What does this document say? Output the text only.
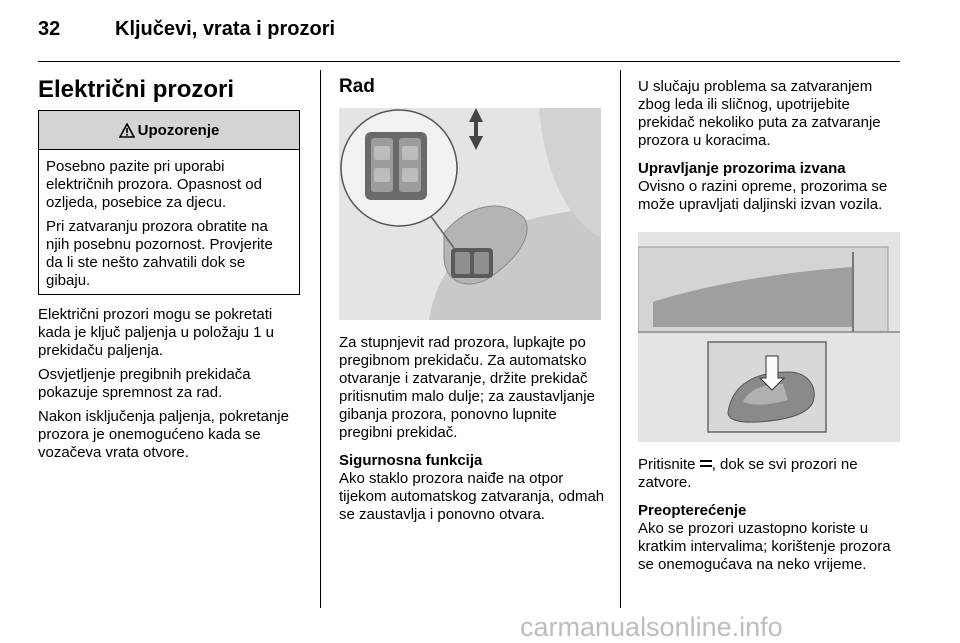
32	Ključevi, vrata i prozori
Električni prozori
Upozorenje

Posebno pazite pri uporabi električnih prozora. Opasnost od ozljeda, posebice za djecu.

Pri zatvaranju prozora obratite na njih posebnu pozornost. Provjerite da li ste nešto zahvatili dok se gibaju.

Električni prozori mogu se pokretati kada je ključ paljenja u položaju 1 u prekidaču paljenja.

Osvjetljenje pregibnih prekidača pokazuje spremnost za rad.

Nakon isključenja paljenja, pokretanje prozora je onemogućeno kada se vozačeva vrata otvore.

Rad

Za stupnjevit rad prozora, lupkajte po pregibnom prekidaču. Za automatsko otvaranje i zatvaranje, držite prekidač pritisnutim malo dulje; za zaustavljanje gibanja prozora, ponovno lupnite pregibni prekidač.

Sigurnosna funkcija

Ako staklo prozora naiđe na otpor tijekom automatskog zatvaranja, odmah se zaustavlja i ponovno otvara.

U slučaju problema sa zatvaranjem zbog leda ili sličnog, upotrijebite prekidač nekoliko puta za zatvaranje prozora u koracima.

Upravljanje prozorima izvana

Ovisno o razini opreme, prozorima se može upravljati daljinski izvan vozila.

Pritisnite , dok se svi prozori ne zatvore.

Preopterećenje

Ako se prozori uzastopno koriste u kratkim intervalima; korištenje prozora se onemogućava na neko vrijeme.

carmanualsonline.info
